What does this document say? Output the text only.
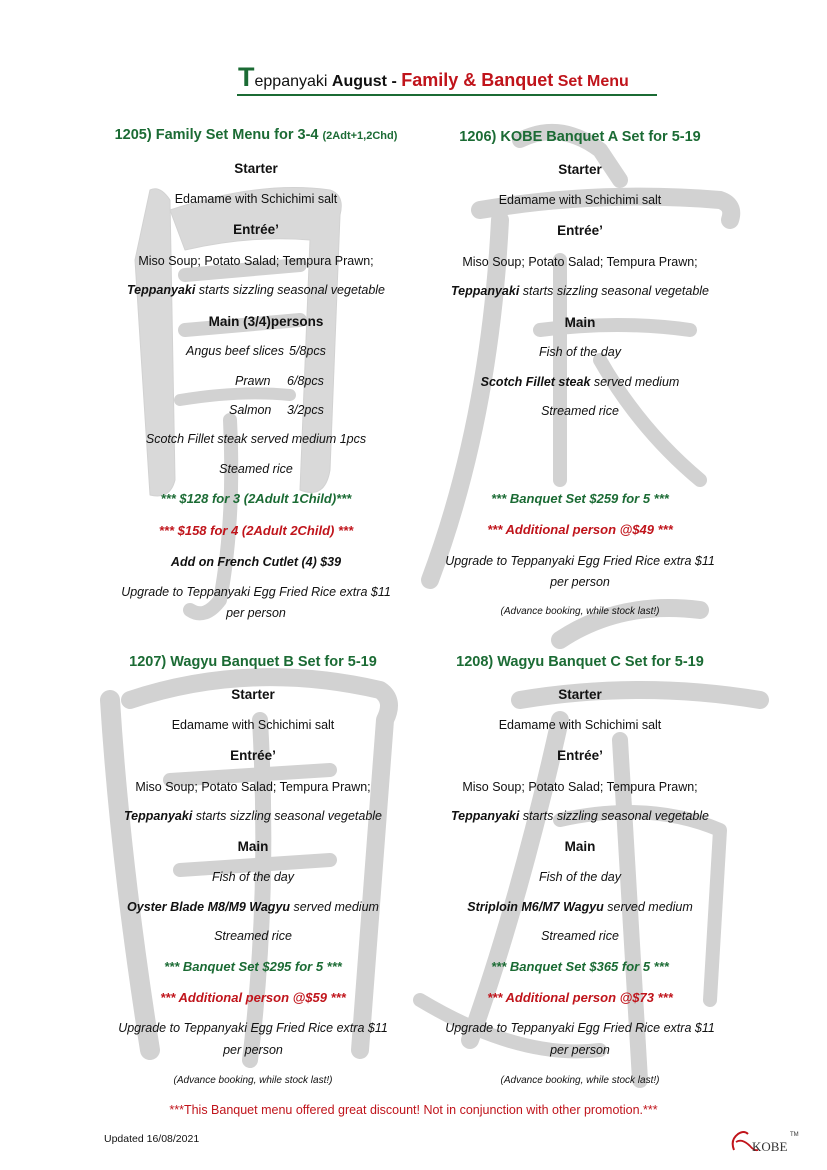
Teppanyaki August - Family & Banquet Set Menu
1205) Family Set Menu for 3-4 (2Adt+1,2Chd)
Starter
Edamame with Schichimi salt
Entrée’
Miso Soup; Potato Salad; Tempura Prawn;
Teppanyaki starts sizzling seasonal vegetable
Main (3/4)persons
Angus beef slices 5/8pcs
Prawn 6/8pcs
Salmon 3/2pcs
Scotch Fillet steak served medium 1pcs
Steamed rice
*** $128 for 3 (2Adult 1Child)***
*** $158 for 4 (2Adult 2Child) ***
Add on French Cutlet (4) $39
Upgrade to Teppanyaki Egg Fried Rice extra $11
per person
1206) KOBE Banquet A Set for 5-19
Starter
Edamame with Schichimi salt
Entrée’
Miso Soup; Potato Salad; Tempura Prawn;
Teppanyaki starts sizzling seasonal vegetable
Main
Fish of the day
Scotch Fillet steak served medium
Streamed rice
*** Banquet Set $259 for 5 ***
*** Additional person @$49 ***
Upgrade to Teppanyaki Egg Fried Rice extra $11
per person
(Advance booking, while stock last!)
1207) Wagyu Banquet B Set for 5-19
Starter
Edamame with Schichimi salt
Entrée’
Miso Soup; Potato Salad; Tempura Prawn;
Teppanyaki starts sizzling seasonal vegetable
Main
Fish of the day
Oyster Blade M8/M9 Wagyu served medium
Streamed rice
*** Banquet Set $295 for 5 ***
*** Additional person @$59 ***
Upgrade to Teppanyaki Egg Fried Rice extra $11
per person
(Advance booking, while stock last!)
1208) Wagyu Banquet C Set for 5-19
Starter
Edamame with Schichimi salt
Entrée’
Miso Soup; Potato Salad; Tempura Prawn;
Teppanyaki starts sizzling seasonal vegetable
Main
Fish of the day
Striploin M6/M7 Wagyu served medium
Streamed rice
*** Banquet Set $365 for 5 ***
*** Additional person @$73 ***
Upgrade to Teppanyaki Egg Fried Rice extra $11
per person
(Advance booking, while stock last!)
***This Banquet menu offered great discount! Not in conjunction with other promotion.***
Updated 16/08/2021	KOBE
TM
